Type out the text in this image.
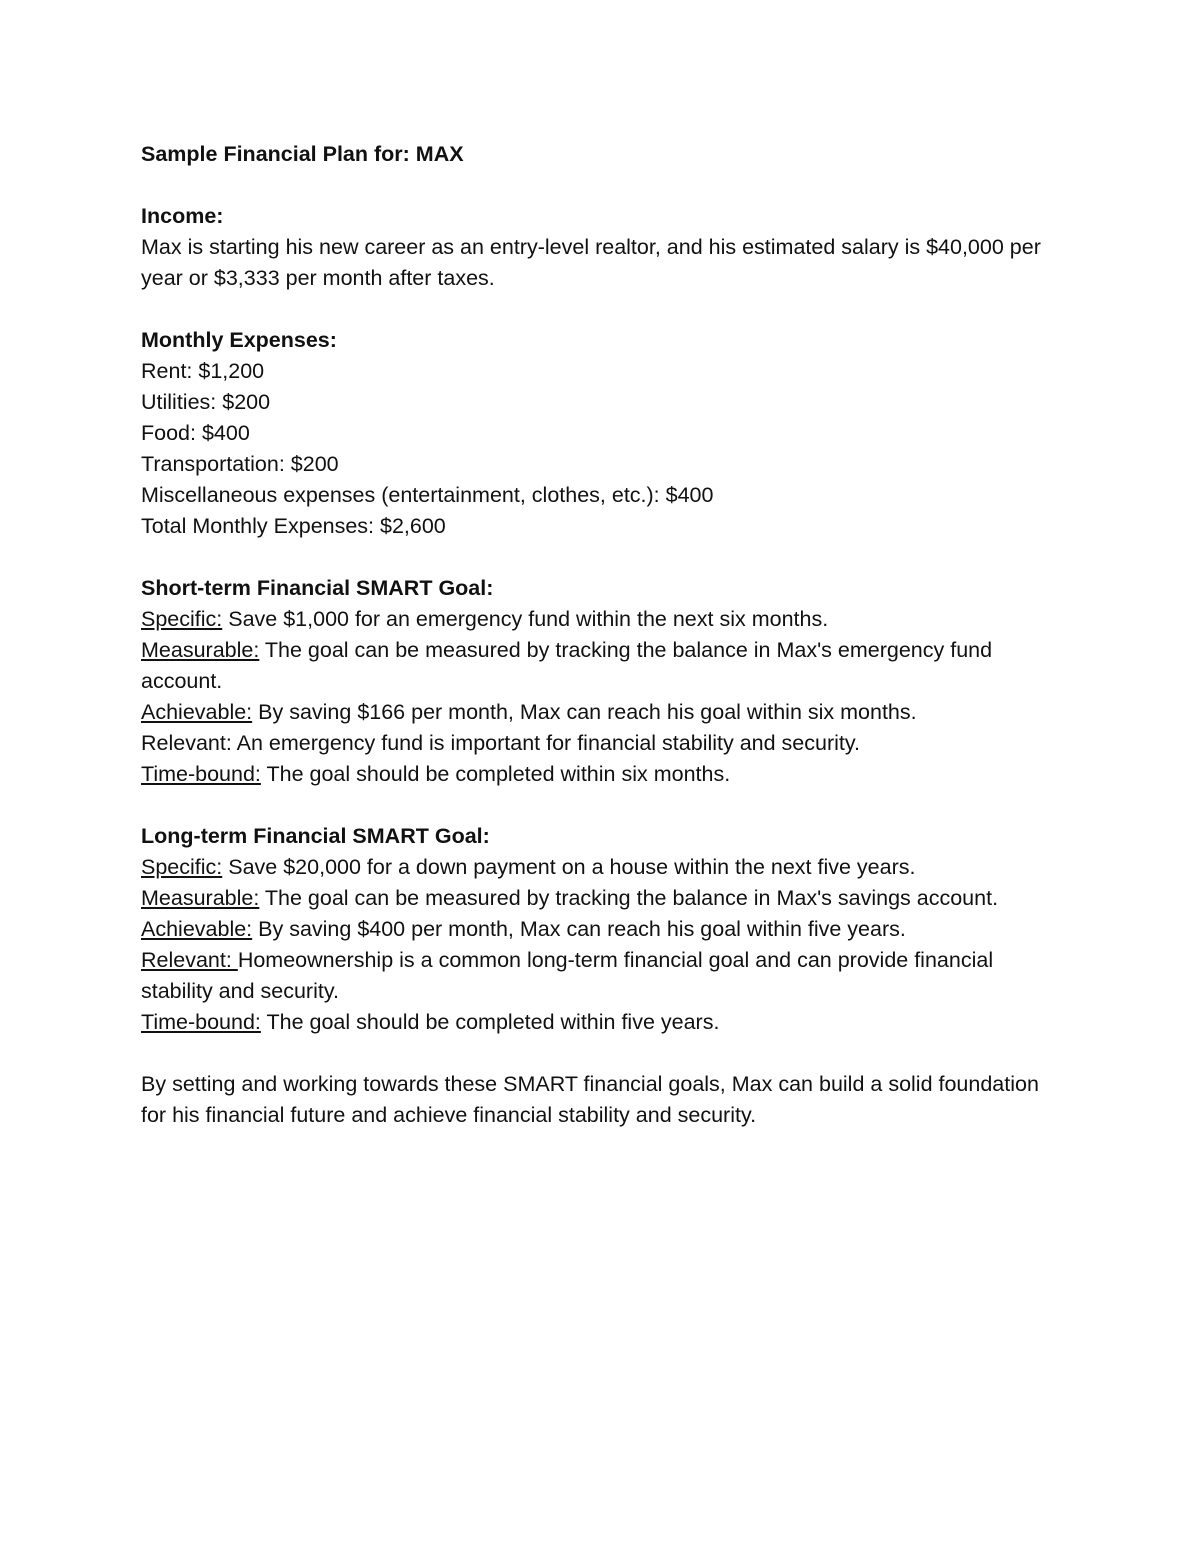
Sample Financial Plan for: MAX

Income:

Max is starting his new career as an entry-level realtor, and his estimated salary is $40,000 per year or $3,333 per month after taxes.

Monthly Expenses:

Rent: $1,200

Utilities: $200

Food: $400

Transportation: $200

Miscellaneous expenses (entertainment, clothes, etc.): $400

Total Monthly Expenses: $2,600

Short-term Financial SMART Goal:

Specific: Save $1,000 for an emergency fund within the next six months.

Measurable: The goal can be measured by tracking the balance in Max's emergency fund account.

Achievable: By saving $166 per month, Max can reach his goal within six months.

Relevant: An emergency fund is important for financial stability and security.

Time-bound: The goal should be completed within six months.

Long-term Financial SMART Goal:

Specific: Save $20,000 for a down payment on a house within the next five years.

Measurable: The goal can be measured by tracking the balance in Max's savings account.

Achievable: By saving $400 per month, Max can reach his goal within five years.

Relevant: Homeownership is a common long-term financial goal and can provide financial stability and security.

Time-bound: The goal should be completed within five years.

By setting and working towards these SMART financial goals, Max can build a solid foundation for his financial future and achieve financial stability and security.
